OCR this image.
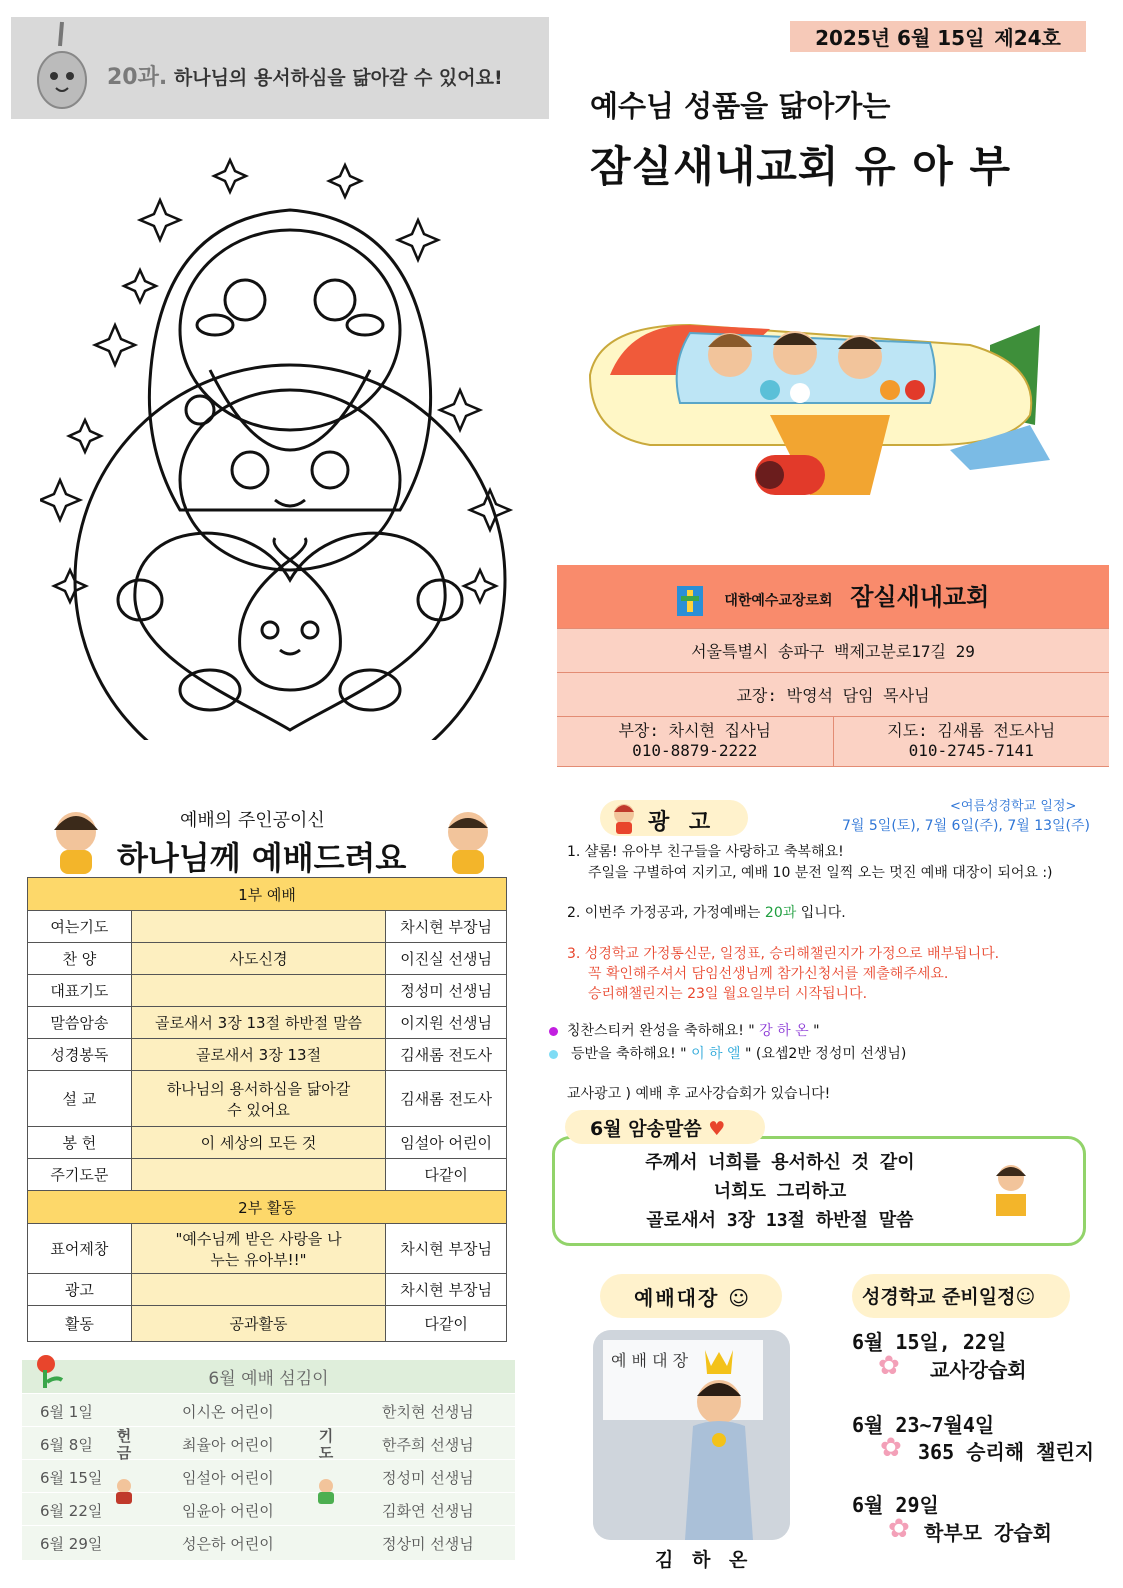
20과. 하나님의 용서하심을 닮아갈 수 있어요!
2025년 6월 15일 제24호
예수님 성품을 닮아가는
잠실새내교회 유 아 부
대한예수교장로회 잠실새내교회
서울특별시 송파구 백제고분로17길 29
교장: 박영석 담임 목사님

부장: 차시현 집사님
010-8879-2222

지도: 김새롬 전도사님
010-2745-7141
예배의 주인공이신
하나님께 예배드려요
1부 예배		
여는기도		차시현 부장님
찬 양	사도신경	이진실 선생님
대표기도		정성미 선생님
말씀암송	골로새서 3장 13절 하반절 말씀	이지원 선생님
성경봉독	골로새서 3장 13절	김새롬 전도사
설 교	하나님의 용서하심을 닮아갈 수 있어요	김새롬 전도사
봉 헌	이 세상의 모든 것	임설아 어린이
주기도문		다같이
2부 활동		
표어제창	"예수님께 받은 사랑을 나누는 유아부!!"	차시현 부장님
광고		차시현 부장님
활동	공과활동	다같이
6월 예배 섬김이
6월 1일	이시온 어린이	한치현 선생님
6월 8일	최율아 어린이	한주희 선생님
6월 15일	임설아 어린이	정성미 선생님
6월 22일	임윤아 어린이	김화연 선생님
6월 29일	성은하 어린이	정상미 선생님
헌금
기도
광 고
<여름성경학교 일정>
7월 5일(토), 7월 6일(주), 7월 13일(주)
1. 샬롬! 유아부 친구들을 사랑하고 축복해요!
주일을 구별하여 지키고, 예배 10 분전 일찍 오는 멋진 예배 대장이 되어요 :)
2. 이번주 가정공과, 가정예배는 20과 입니다.
3. 성경학교 가정통신문, 일정표, 승리해챌린지가 가정으로 배부됩니다.
꼭 확인해주셔서 담임선생님께 참가신청서를 제출해주세요.
승리해챌린지는 23일 월요일부터 시작됩니다.
칭찬스티커 완성을 축하해요! " 강 하 온 "
등반을 축하해요! " 이 하 엘 " (요셉2반 정성미 선생님)
교사광고 ) 예배 후 교사강습회가 있습니다!
6월 암송말씀 ♥
주께서 너희를 용서하신 것 같이
너희도 그리하고
골로새서 3장 13절 하반절 말씀
예배대장 ☺
예 배 대 장
김 하 온
성경학교 준비일정☺
6월 15일, 22일
✿ 교사강습회
6월 23~7월4일
✿ 365 승리해 챌린지
6월 29일
✿ 학부모 강습회
